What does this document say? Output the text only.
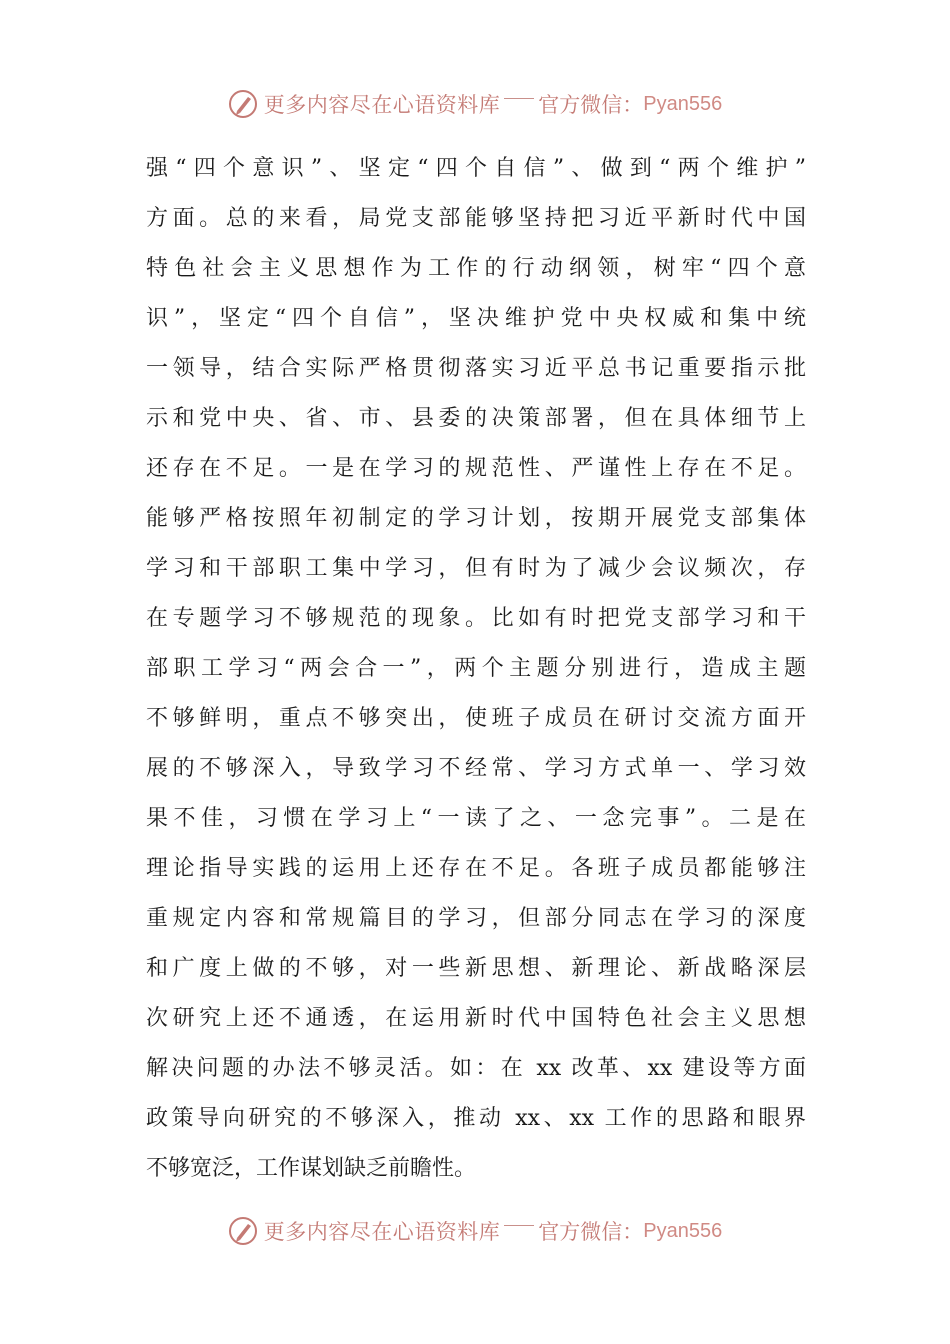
更多内容尽在心语资料库 官方微信： Pyan556
强“四个意识”、坚定“四个自信”、做到“两个维护”
方面。总的来看，局党支部能够坚持把习近平新时代中国
特色社会主义思想作为工作的行动纲领，树牢“四个意
识”，坚定“四个自信”，坚决维护党中央权威和集中统
一领导，结合实际严格贯彻落实习近平总书记重要指示批
示和党中央、省、市、县委的决策部署，但在具体细节上
还存在不足。一是在学习的规范性、严谨性上存在不足。
能够严格按照年初制定的学习计划，按期开展党支部集体
学习和干部职工集中学习，但有时为了减少会议频次，存
在专题学习不够规范的现象。比如有时把党支部学习和干
部职工学习“两会合一”，两个主题分别进行，造成主题
不够鲜明，重点不够突出，使班子成员在研讨交流方面开
展的不够深入，导致学习不经常、学习方式单一、学习效
果不佳，习惯在学习上“一读了之、一念完事”。二是在
理论指导实践的运用上还存在不足。各班子成员都能够注
重规定内容和常规篇目的学习，但部分同志在学习的深度
和广度上做的不够，对一些新思想、新理论、新战略深层
次研究上还不通透，在运用新时代中国特色社会主义思想
解决问题的办法不够灵活。如：在 xx 改革、xx 建设等方面
政策导向研究的不够深入，推动 xx、xx 工作的思路和眼界
不够宽泛，工作谋划缺乏前瞻性。
更多内容尽在心语资料库 官方微信： Pyan556
